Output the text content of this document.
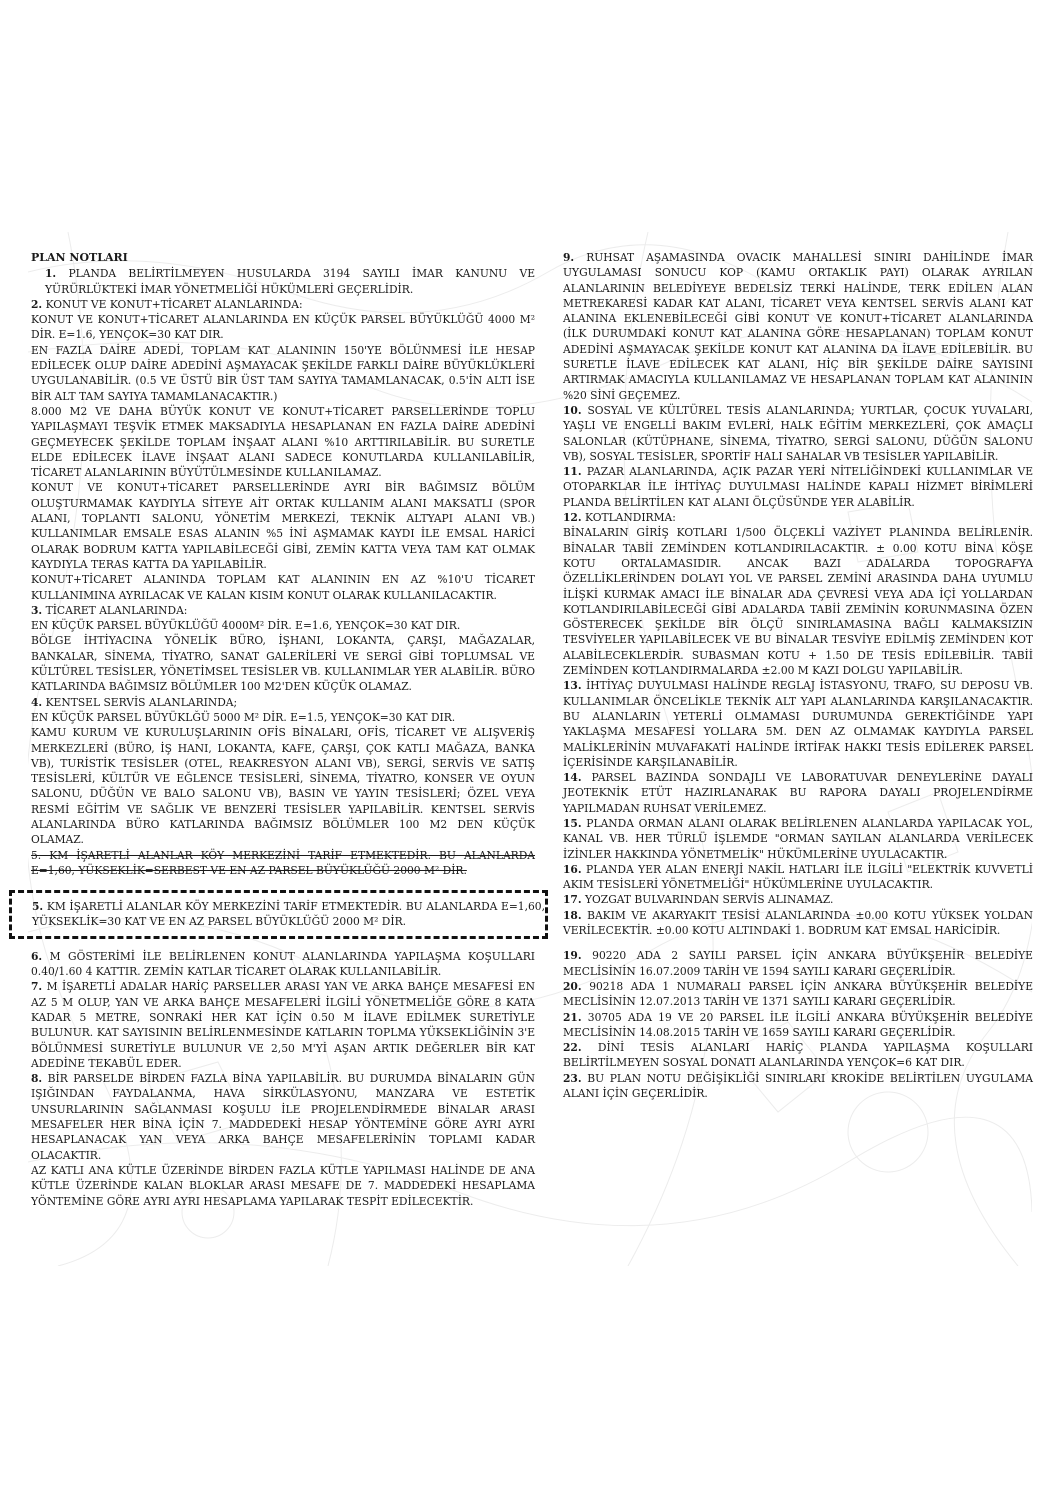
PLAN NOTLARI

1. PLANDA BELİRTİLMEYEN HUSULARDA 3194 SAYILI İMAR KANUNU VE YÜRÜRLÜKTEKİ İMAR YÖNETMELİĞİ HÜKÜMLERİ GEÇERLİDİR.

2. KONUT VE KONUT+TİCARET ALANLARINDA:

KONUT VE KONUT+TİCARET ALANLARINDA EN KÜÇÜK PARSEL BÜYÜKLÜĞÜ 4000 M² DİR. E=1.6, YENÇOK=30 KAT DIR.

EN FAZLA DAİRE ADEDİ, TOPLAM KAT ALANININ 150'YE BÖLÜNMESİ İLE HESAP EDİLECEK OLUP DAİRE ADEDİNİ AŞMAYACAK ŞEKİLDE FARKLI DAİRE BÜYÜKLÜKLERİ UYGULANABİLİR. (0.5 VE ÜSTÜ BİR ÜST TAM SAYIYA TAMAMLANACAK, 0.5'İN ALTI İSE BİR ALT TAM SAYIYA TAMAMLANACAKTIR.)

8.000 M2 VE DAHA BÜYÜK KONUT VE KONUT+TİCARET PARSELLERİNDE TOPLU YAPILAŞMAYI TEŞVİK ETMEK MAKSADIYLA HESAPLANAN EN FAZLA DAİRE ADEDİNİ GEÇMEYECEK ŞEKİLDE TOPLAM İNŞAAT ALANI %10 ARTTIRILABİLİR. BU SURETLE ELDE EDİLECEK İLAVE İNŞAAT ALANI SADECE KONUTLARDA KULLANILABİLİR, TİCARET ALANLARININ BÜYÜTÜLMESİNDE KULLANILAMAZ.

KONUT VE KONUT+TİCARET PARSELLERİNDE AYRI BİR BAĞIMSIZ BÖLÜM OLUŞTURMAMAK KAYDIYLA SİTEYE AİT ORTAK KULLANIM ALANI MAKSATLI (SPOR ALANI, TOPLANTI SALONU, YÖNETİM MERKEZİ, TEKNİK ALTYAPI ALANI VB.) KULLANIMLAR EMSALE ESAS ALANIN %5 İNİ AŞMAMAK KAYDI İLE EMSAL HARİCİ OLARAK BODRUM KATTA YAPILABİLECEĞİ GİBİ, ZEMİN KATTA VEYA TAM KAT OLMAK KAYDIYLA TERAS KATTA DA YAPILABİLİR.

KONUT+TİCARET ALANINDA TOPLAM KAT ALANININ EN AZ %10'U TİCARET KULLANIMINA AYRILACAK VE KALAN KISIM KONUT OLARAK KULLANILACAKTIR.

3. TİCARET ALANLARINDA:

EN KÜÇÜK PARSEL BÜYÜKLÜĞÜ 4000M² DİR. E=1.6, YENÇOK=30 KAT DIR.

BÖLGE İHTİYACINA YÖNELİK BÜRO, İŞHANI, LOKANTA, ÇARŞI, MAĞAZALAR, BANKALAR, SİNEMA, TİYATRO, SANAT GALERİLERİ VE SERGİ GİBİ TOPLUMSAL VE KÜLTÜREL TESİSLER, YÖNETİMSEL TESİSLER VB. KULLANIMLAR YER ALABİLİR. BÜRO KATLARINDA BAĞIMSIZ BÖLÜMLER 100 M2'DEN KÜÇÜK OLAMAZ.

4. KENTSEL SERVİS ALANLARINDA;

EN KÜÇÜK PARSEL BÜYÜKLĞÜ 5000 M² DİR. E=1.5, YENÇOK=30 KAT DIR.

KAMU KURUM VE KURULUŞLARININ OFİS BİNALARI, OFİS, TİCARET VE ALIŞVERİŞ MERKEZLERİ (BÜRO, İŞ HANI, LOKANTA, KAFE, ÇARŞI, ÇOK KATLI MAĞAZA, BANKA VB), TURİSTİK TESİSLER (OTEL, REAKRESYON ALANI VB), SERGİ, SERVİS VE SATIŞ TESİSLERİ, KÜLTÜR VE EĞLENCE TESİSLERİ, SİNEMA, TİYATRO, KONSER VE OYUN SALONU, DÜĞÜN VE BALO SALONU VB), BASIN VE YAYIN TESİSLERİ; ÖZEL VEYA RESMİ EĞİTİM VE SAĞLIK VE BENZERİ TESİSLER YAPILABİLİR. KENTSEL SERVİS ALANLARINDA BÜRO KATLARINDA BAĞIMSIZ BÖLÜMLER 100 M2 DEN KÜÇÜK OLAMAZ.

5. KM İŞARETLİ ALANLAR KÖY MERKEZİNİ TARİF ETMEKTEDİR. BU ALANLARDA E=1,60, YÜKSEKLİK=SERBEST VE EN AZ PARSEL BÜYÜKLÜĞÜ 2000 M² DİR.

5. KM İŞARETLİ ALANLAR KÖY MERKEZİNİ TARİF ETMEKTEDİR. BU ALANLARDA E=1,60, YÜKSEKLİK=30 KAT VE EN AZ PARSEL BÜYÜKLÜĞÜ 2000 M² DİR.

6. M GÖSTERİMİ İLE BELİRLENEN KONUT ALANLARINDA YAPILAŞMA KOŞULLARI 0.40/1.60 4 KATTIR. ZEMİN KATLAR TİCARET OLARAK KULLANILABİLİR.

7. M İŞARETLİ ADALAR HARİÇ PARSELLER ARASI YAN VE ARKA BAHÇE MESAFESİ EN AZ 5 M OLUP, YAN VE ARKA BAHÇE MESAFELERİ İLGİLİ YÖNETMELİĞE GÖRE 8 KATA KADAR 5 METRE, SONRAKİ HER KAT İÇİN 0.50 M İLAVE EDİLMEK SURETİYLE BULUNUR. KAT SAYISININ BELİRLENMESİNDE KATLARIN TOPLMA YÜKSEKLİĞİNİN 3'E BÖLÜNMESİ SURETİYLE BULUNUR VE 2,50 M'Yİ AŞAN ARTIK DEĞERLER BİR KAT ADEDİNE TEKABÜL EDER.

8. BİR PARSELDE BİRDEN FAZLA BİNA YAPILABİLİR. BU DURUMDA BİNALARIN GÜN IŞIĞINDAN FAYDALANMA, HAVA SİRKÜLASYONU, MANZARA VE ESTETİK UNSURLARININ SAĞLANMASI KOŞULU İLE PROJELENDİRMEDE BİNALAR ARASI MESAFELER HER BİNA İÇİN 7. MADDEDEKİ HESAP YÖNTEMİNE GÖRE AYRI AYRI HESAPLANACAK YAN VEYA ARKA BAHÇE MESAFELERİNİN TOPLAMI KADAR OLACAKTIR.

AZ KATLI ANA KÜTLE ÜZERİNDE BİRDEN FAZLA KÜTLE YAPILMASI HALİNDE DE ANA KÜTLE ÜZERİNDE KALAN BLOKLAR ARASI MESAFE DE 7. MADDEDEKİ HESAPLAMA YÖNTEMİNE GÖRE AYRI AYRI HESAPLAMA YAPILARAK TESPİT EDİLECEKTİR.

9. RUHSAT AŞAMASINDA OVACIK MAHALLESİ SINIRI DAHİLİNDE İMAR UYGULAMASI SONUCU KOP (KAMU ORTAKLIK PAYI) OLARAK AYRILAN ALANLARININ BELEDİYEYE BEDELSİZ TERKİ HALİNDE, TERK EDİLEN ALAN METREKARESİ KADAR KAT ALANI, TİCARET VEYA KENTSEL SERVİS ALANI KAT ALANINA EKLENEBİLECEĞİ GİBİ KONUT VE KONUT+TİCARET ALANLARINDA (İLK DURUMDAKİ KONUT KAT ALANINA GÖRE HESAPLANAN) TOPLAM KONUT ADEDİNİ AŞMAYACAK ŞEKİLDE KONUT KAT ALANINA DA İLAVE EDİLEBİLİR. BU SURETLE İLAVE EDİLECEK KAT ALANI, HİÇ BİR ŞEKİLDE DAİRE SAYISINI ARTIRMAK AMACIYLA KULLANILAMAZ VE HESAPLANAN TOPLAM KAT ALANININ %20 SİNİ GEÇEMEZ.

10. SOSYAL VE KÜLTÜREL TESİS ALANLARINDA; YURTLAR, ÇOCUK YUVALARI, YAŞLI VE ENGELLİ BAKIM EVLERİ, HALK EĞİTİM MERKEZLERİ, ÇOK AMAÇLI SALONLAR (KÜTÜPHANE, SİNEMA, TİYATRO, SERGİ SALONU, DÜĞÜN SALONU VB), SOSYAL TESİSLER, SPORTİF HALI SAHALAR VB TESİSLER YAPILABİLİR.

11. PAZAR ALANLARINDA, AÇIK PAZAR YERİ NİTELİĞİNDEKİ KULLANIMLAR VE OTOPARKLAR İLE İHTİYAÇ DUYULMASI HALİNDE KAPALI HİZMET BİRİMLERİ PLANDA BELİRTİLEN KAT ALANI ÖLÇÜSÜNDE YER ALABİLİR.

12. KOTLANDIRMA:

BİNALARIN GİRİŞ KOTLARI 1/500 ÖLÇEKLİ VAZİYET PLANINDA BELİRLENİR. BİNALAR TABİİ ZEMİNDEN KOTLANDIRILACAKTIR. ± 0.00 KOTU BİNA KÖŞE KOTU ORTALAMASIDIR. ANCAK BAZI ADALARDA TOPOGRAFYA ÖZELLİKLERİNDEN DOLAYI YOL VE PARSEL ZEMİNİ ARASINDA DAHA UYUMLU İLİŞKİ KURMAK AMACI İLE BİNALAR ADA ÇEVRESİ VEYA ADA İÇİ YOLLARDAN KOTLANDIRILABİLECEĞİ GİBİ ADALARDA TABİİ ZEMİNİN KORUNMASINA ÖZEN GÖSTERECEK ŞEKİLDE BİR ÖLÇÜ SINIRLAMASINA BAĞLI KALMAKSIZIN TESVİYELER YAPILABİLECEK VE BU BİNALAR TESVİYE EDİLMİŞ ZEMİNDEN KOT ALABİLECEKLERDİR. SUBASMAN KOTU + 1.50 DE TESİS EDİLEBİLİR. TABİİ ZEMİNDEN KOTLANDIRMALARDA ±2.00 M KAZI DOLGU YAPILABİLİR.

13. İHTİYAÇ DUYULMASI HALİNDE REGLAJ İSTASYONU, TRAFO, SU DEPOSU VB. KULLANIMLAR ÖNCELİKLE TEKNİK ALT YAPI ALANLARINDA KARŞILANACAKTIR. BU ALANLARIN YETERLİ OLMAMASI DURUMUNDA GEREKTİĞİNDE YAPI YAKLAŞMA MESAFESİ YOLLARA 5M. DEN AZ OLMAMAK KAYDIYLA PARSEL MALİKLERİNİN MUVAFAKATİ HALİNDE İRTİFAK HAKKI TESİS EDİLEREK PARSEL İÇERİSİNDE KARŞILANABİLİR.

14. PARSEL BAZINDA SONDAJLI VE LABORATUVAR DENEYLERİNE DAYALI JEOTEKNİK ETÜT HAZIRLANARAK BU RAPORA DAYALI PROJELENDİRME YAPILMADAN RUHSAT VERİLEMEZ.

15. PLANDA ORMAN ALANI OLARAK BELİRLENEN ALANLARDA YAPILACAK YOL, KANAL VB. HER TÜRLÜ İŞLEMDE "ORMAN SAYILAN ALANLARDA VERİLECEK İZİNLER HAKKINDA YÖNETMELİK" HÜKÜMLERİNE UYULACAKTIR.

16. PLANDA YER ALAN ENERJİ NAKİL HATLARI İLE İLGİLİ "ELEKTRİK KUVVETLİ AKIM TESİSLERİ YÖNETMELİĞİ" HÜKÜMLERİNE UYULACAKTIR.

17. YOZGAT BULVARINDAN SERVİS ALINAMAZ.

18. BAKIM VE AKARYAKIT TESİSİ ALANLARINDA ±0.00 KOTU YÜKSEK YOLDAN VERİLECEKTİR. ±0.00 KOTU ALTINDAKİ 1. BODRUM KAT EMSAL HARİCİDİR.

19. 90220 ADA 2 SAYILI PARSEL İÇİN ANKARA BÜYÜKŞEHİR BELEDİYE MECLİSİNİN 16.07.2009 TARİH VE 1594 SAYILI KARARI GEÇERLİDİR.

20. 90218 ADA 1 NUMARALI PARSEL İÇİN ANKARA BÜYÜKŞEHİR BELEDİYE MECLİSİNİN 12.07.2013 TARİH VE 1371 SAYILI KARARI GEÇERLİDİR.

21. 30705 ADA 19 VE 20 PARSEL İLE İLGİLİ ANKARA BÜYÜKŞEHİR BELEDİYE MECLİSİNİN 14.08.2015 TARİH VE 1659 SAYILI KARARI GEÇERLİDİR.

22. DİNİ TESİS ALANLARI HARİÇ PLANDA YAPILAŞMA KOŞULLARI BELİRTİLMEYEN SOSYAL DONATI ALANLARINDA YENÇOK=6 KAT DIR.

23. BU PLAN NOTU DEĞİŞİKLİĞİ SINIRLARI KROKİDE BELİRTİLEN UYGULAMA ALANI İÇİN GEÇERLİDİR.
